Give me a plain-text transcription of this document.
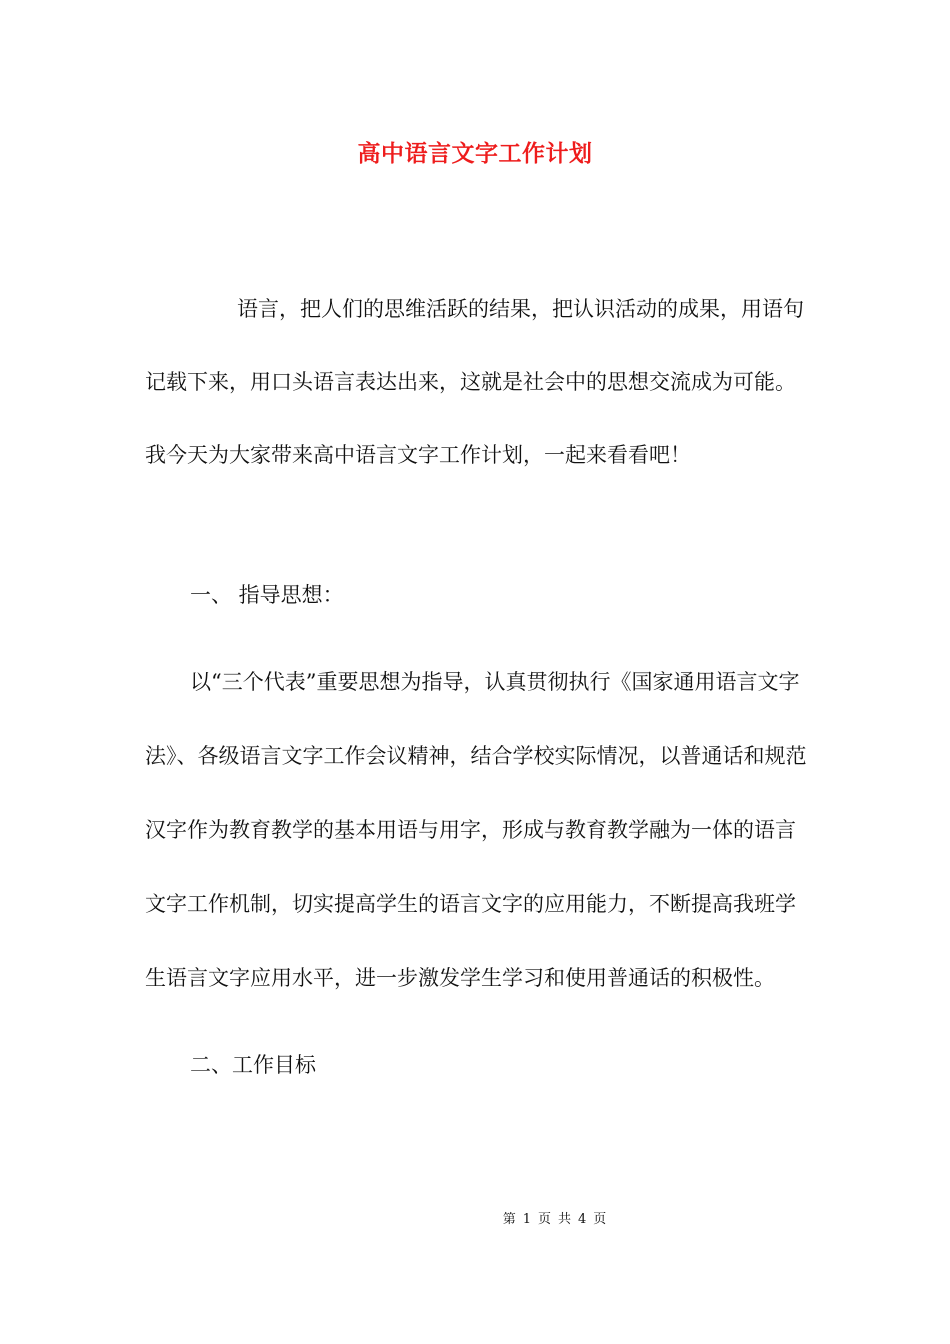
高中语言文字工作计划

语言，把人们的思维活跃的结果，把认识活动的成果，用语句记载下来，用口头语言表达出来，这就是社会中的思想交流成为可能。我今天为大家带来高中语言文字工作计划，一起来看看吧！

一、 指导思想：

以“三个代表”重要思想为指导，认真贯彻执行《国家通用语言文字法》、各级语言文字工作会议精神，结合学校实际情况，以普通话和规范汉字作为教育教学的基本用语与用字，形成与教育教学融为一体的语言文字工作机制，切实提高学生的语言文字的应用能力，不断提高我班学生语言文字应用水平，进一步激发学生学习和使用普通话的积极性。

二、工作目标

第 1 页 共 4 页
